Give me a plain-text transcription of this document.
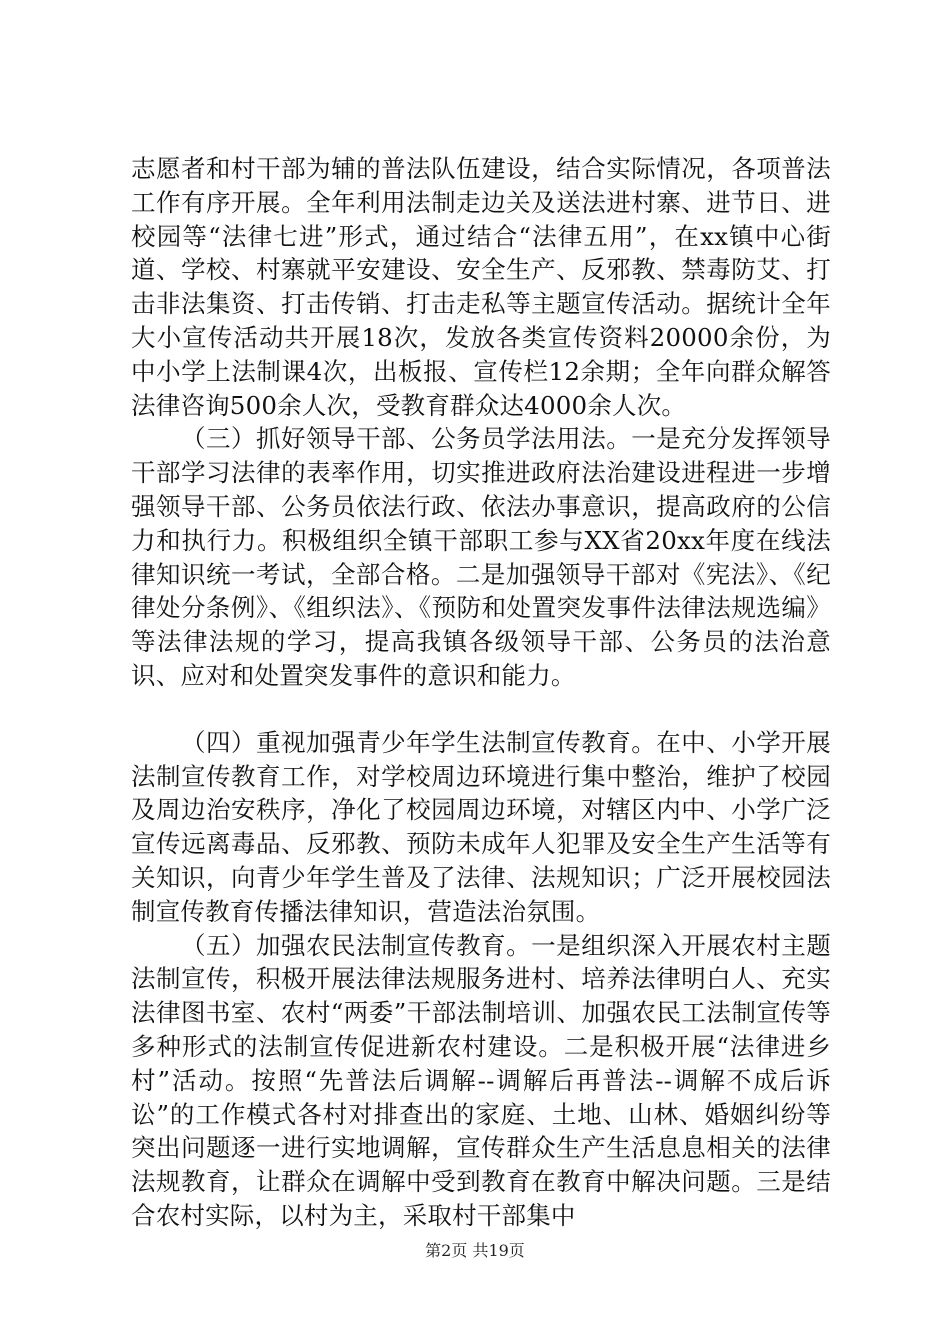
志愿者和村干部为辅的普法队伍建设，结合实际情况，各项普法工作有序开展。全年利用法制走边关及送法进村寨、进节日、进校园等“法律七进”形式，通过结合“法律五用”，在xx镇中心街道、学校、村寨就平安建设、安全生产、反邪教、禁毒防艾、打击非法集资、打击传销、打击走私等主题宣传活动。据统计全年大小宣传活动共开展18次，发放各类宣传资料20000余份，为中小学上法制课4次，出板报、宣传栏12余期；全年向群众解答法律咨询500余人次，受教育群众达4000余人次。

（三）抓好领导干部、公务员学法用法。一是充分发挥领导干部学习法律的表率作用，切实推进政府法治建设进程进一步增强领导干部、公务员依法行政、依法办事意识，提高政府的公信力和执行力。积极组织全镇干部职工参与XX省20xx年度在线法律知识统一考试，全部合格。二是加强领导干部对《宪法》、《纪律处分条例》、《组织法》、《预防和处置突发事件法律法规选编》等法律法规的学习，提高我镇各级领导干部、公务员的法治意识、应对和处置突发事件的意识和能力。

（四）重视加强青少年学生法制宣传教育。在中、小学开展法制宣传教育工作，对学校周边环境进行集中整治，维护了校园及周边治安秩序，净化了校园周边环境，对辖区内中、小学广泛宣传远离毒品、反邪教、预防未成年人犯罪及安全生产生活等有关知识，向青少年学生普及了法律、法规知识；广泛开展校园法制宣传教育传播法律知识，营造法治氛围。

（五）加强农民法制宣传教育。一是组织深入开展农村主题法制宣传，积极开展法律法规服务进村、培养法律明白人、充实法律图书室、农村“两委”干部法制培训、加强农民工法制宣传等多种形式的法制宣传促进新农村建设。二是积极开展“法律进乡村”活动。按照“先普法后调解--调解后再普法--调解不成后诉讼”的工作模式各村对排查出的家庭、土地、山林、婚姻纠纷等突出问题逐一进行实地调解，宣传群众生产生活息息相关的法律法规教育，让群众在调解中受到教育在教育中解决问题。三是结合农村实际，以村为主，采取村干部集中

第2页 共19页
